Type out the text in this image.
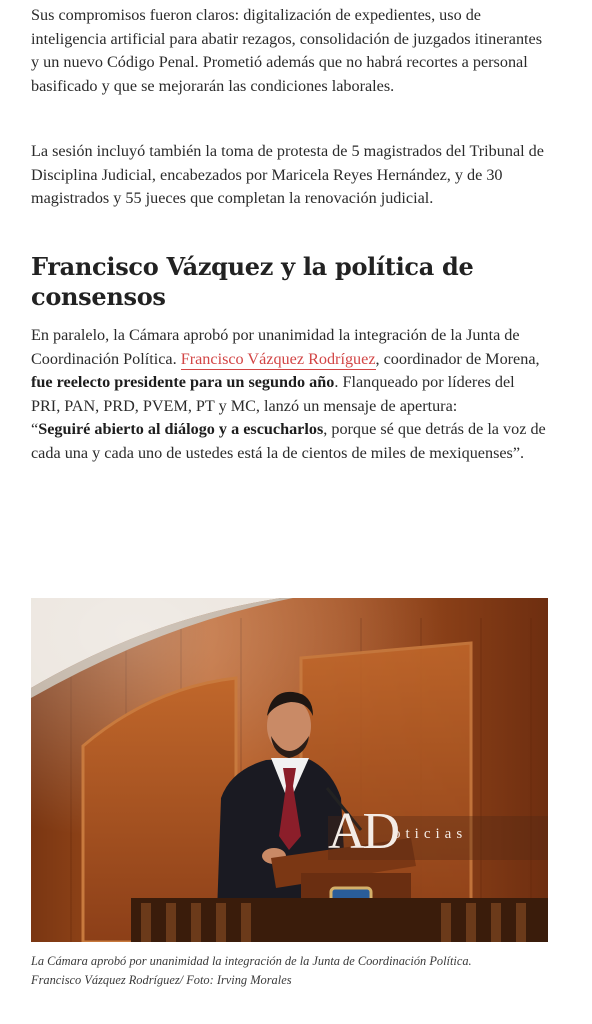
Sus compromisos fueron claros: digitalización de expedientes, uso de inteligencia artificial para abatir rezagos, consolidación de juzgados itinerantes y un nuevo Código Penal. Prometió además que no habrá recortes a personal basificado y que se mejorarán las condiciones laborales.

La sesión incluyó también la toma de protesta de 5 magistrados del Tribunal de Disciplina Judicial, encabezados por Maricela Reyes Hernández, y de 30 magistrados y 55 jueces que completan la renovación judicial.

Francisco Vázquez y la política de consensos

En paralelo, la Cámara aprobó por unanimidad la integración de la Junta de Coordinación Política. Francisco Vázquez Rodríguez, coordinador de Morena, fue reelecto presidente para un segundo año. Flanqueado por líderes del PRI, PAN, PRD, PVEM, PT y MC, lanzó un mensaje de apertura:
“Seguiré abierto al diálogo y a escucharlos, porque sé que detrás de la voz de cada una y cada uno de ustedes está la de cientos de miles de mexiquenses”.

AD
oticias

La Cámara aprobó por unanimidad la integración de la Junta de Coordinación Política.
Francisco Vázquez Rodríguez/ Foto: Irving Morales
